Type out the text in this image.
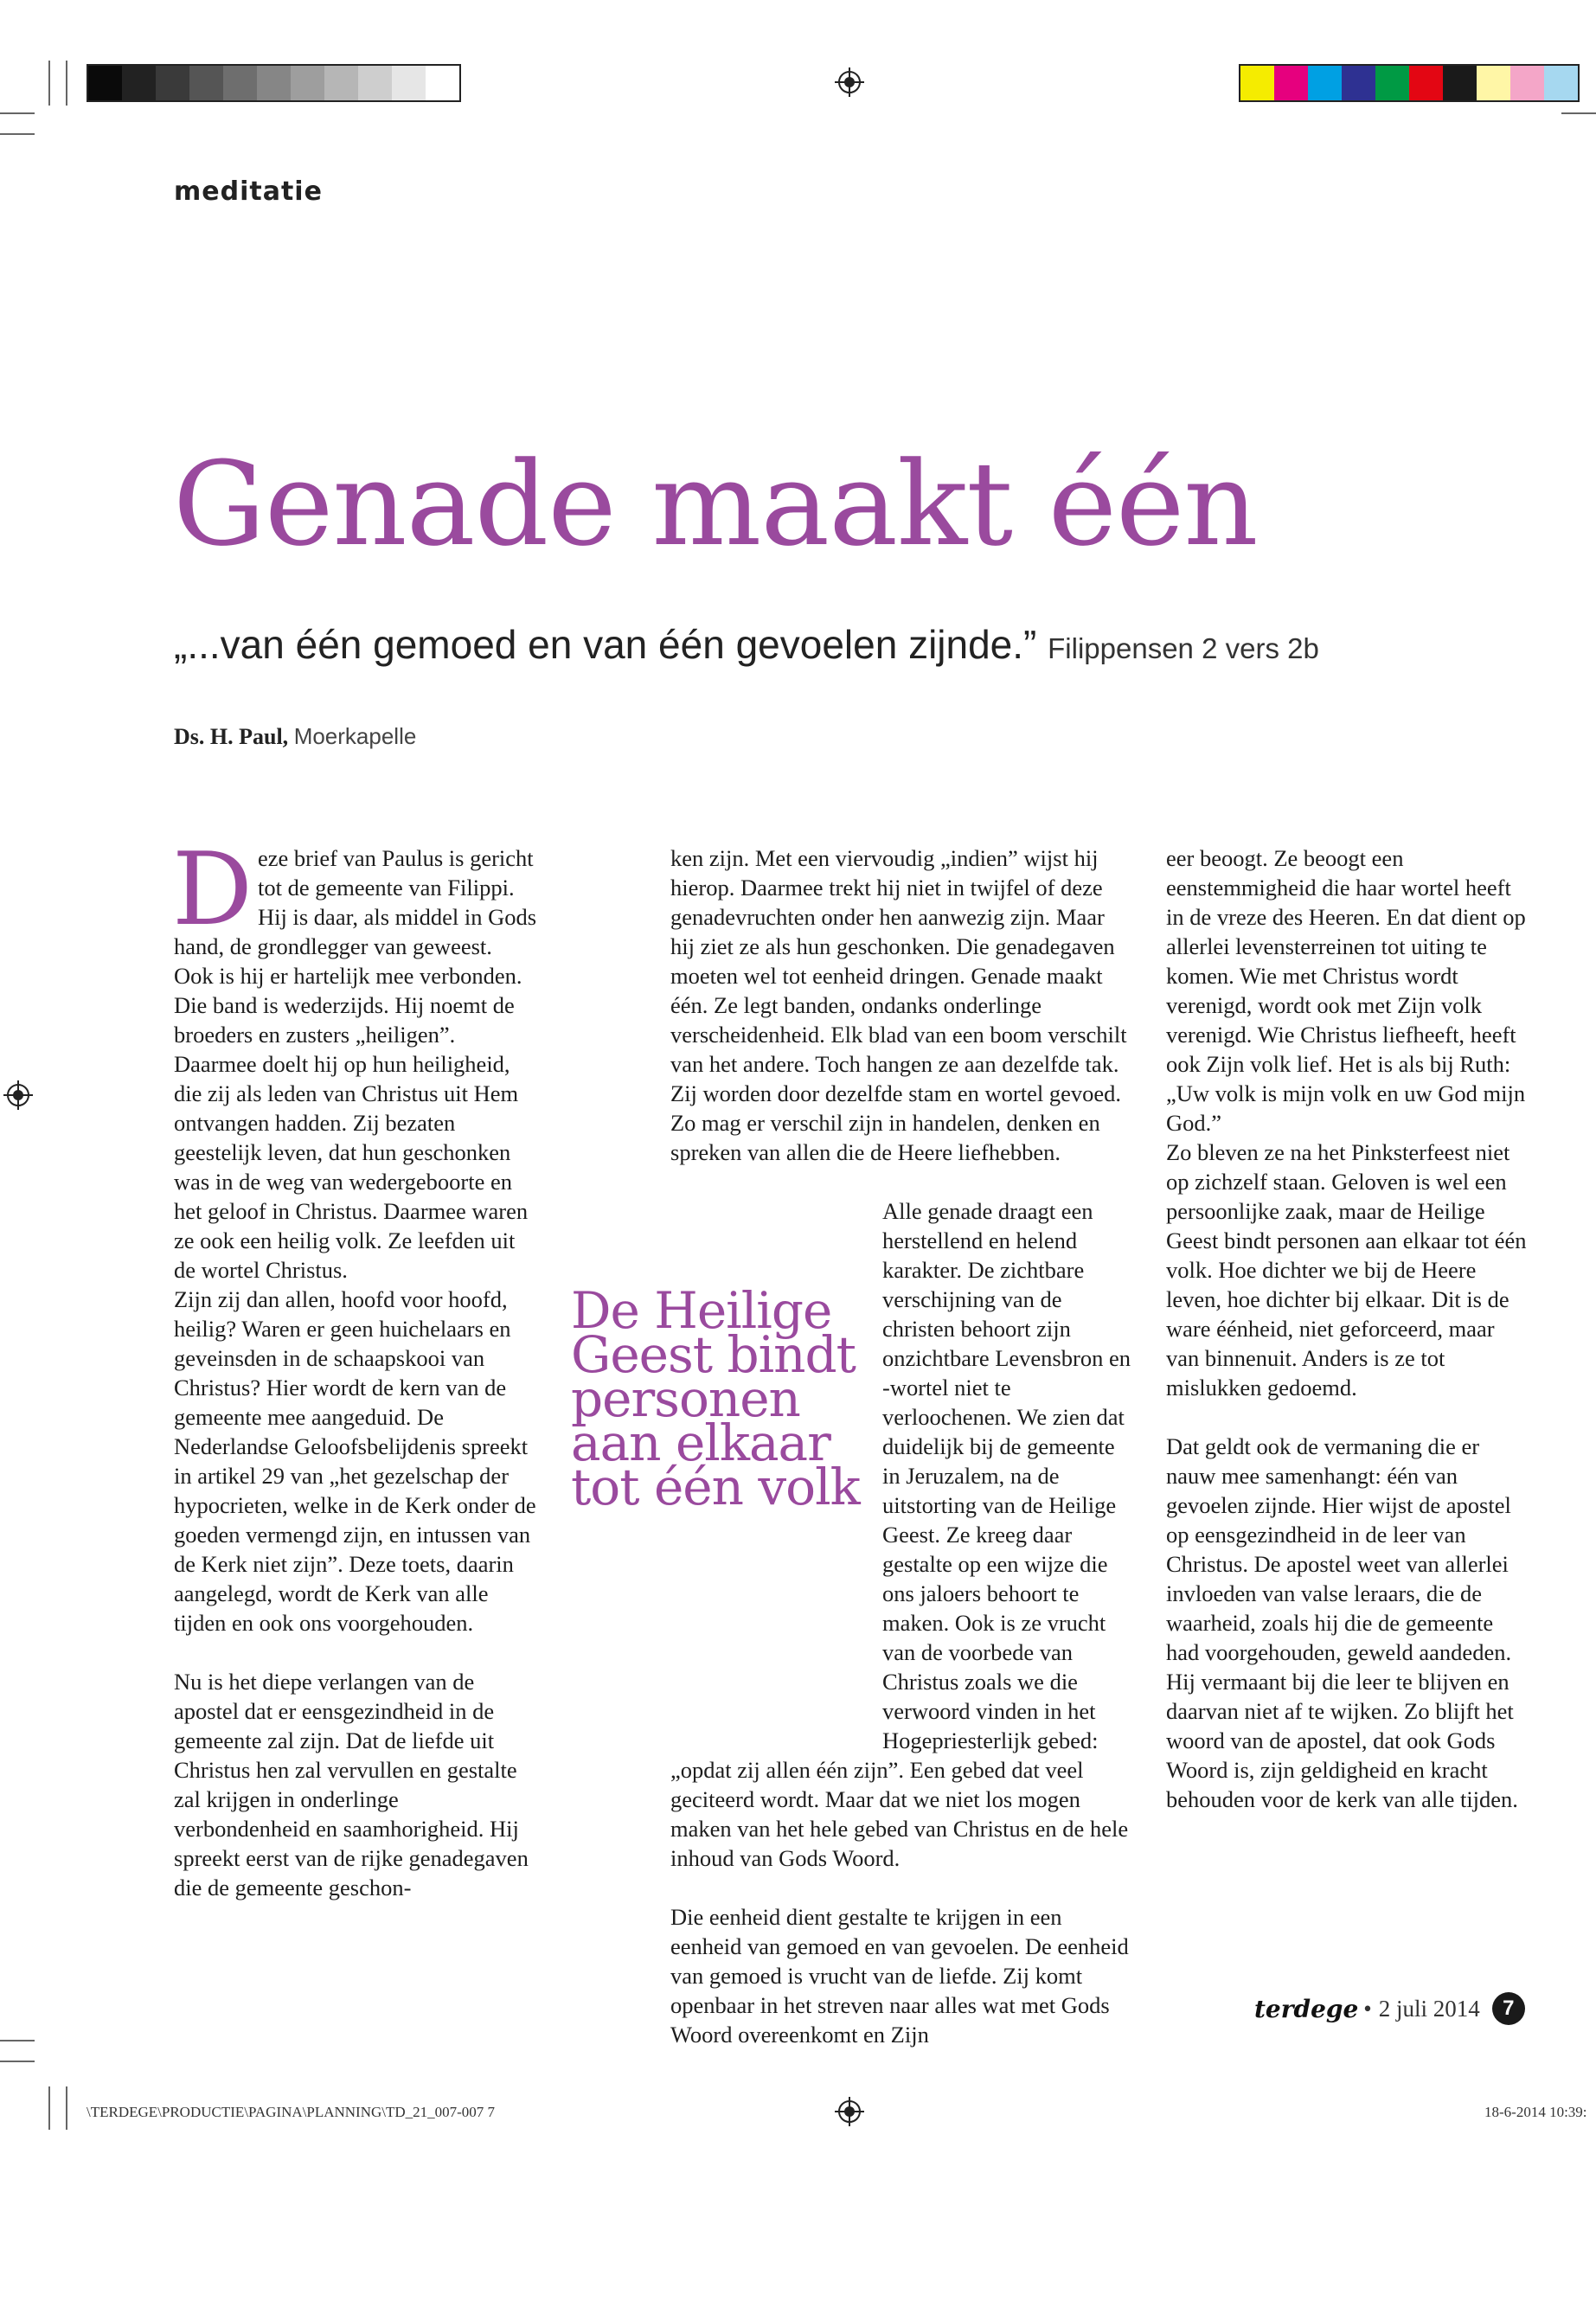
meditatie
Genade maakt één
„...van één gemoed en van één gevoelen zijnde.” Filippensen 2 vers 2b
Ds. H. Paul, Moerkapelle

Deze brief van Paulus is gericht tot de gemeente van Filippi. Hij is daar, als middel in Gods hand, de grondlegger van geweest. Ook is hij er hartelijk mee verbonden. Die band is wederzijds. Hij noemt de broeders en zusters „heiligen”. Daarmee doelt hij op hun heiligheid, die zij als leden van Christus uit Hem ontvangen hadden. Zij bezaten geestelijk leven, dat hun geschonken was in de weg van wedergeboorte en het geloof in Christus. Daarmee waren ze ook een heilig volk. Ze leefden uit de wortel Christus.

Zijn zij dan allen, hoofd voor hoofd, heilig? Waren er geen huichelaars en geveinsden in de schaapskooi van Christus? Hier wordt de kern van de gemeente mee aangeduid. De Nederlandse Geloofsbelijdenis spreekt in artikel 29 van „het gezelschap der hypocrieten, welke in de Kerk onder de goeden vermengd zijn, en intussen van de Kerk niet zijn”. Deze toets, daarin aangelegd, wordt de Kerk van alle tijden en ook ons voorgehouden.

Nu is het diepe verlangen van de apostel dat er eensgezindheid in de gemeente zal zijn. Dat de liefde uit Christus hen zal vervullen en gestalte zal krijgen in onderlinge verbondenheid en saamhorigheid. Hij spreekt eerst van de rijke genadegaven die de gemeente geschon-

ken zijn. Met een viervoudig „indien” wijst hij hierop. Daarmee trekt hij niet in twijfel of deze genadevruchten onder hen aanwezig zijn. Maar hij ziet ze als hun geschonken. Die genadegaven moeten wel tot eenheid dringen. Genade maakt één. Ze legt banden, ondanks onderlinge verscheidenheid. Elk blad van een boom verschilt van het andere. Toch hangen ze aan dezelfde tak. Zij worden door dezelfde stam en wortel gevoed. Zo mag er verschil zijn in handelen, denken en spreken van allen die de Heere liefhebben.

Alle genade draagt een herstellend en helend karakter. De zichtbare verschijning van de christen behoort zijn onzichtbare Levensbron en -wortel niet te verloochenen. We zien dat duidelijk bij de gemeente in Jeruzalem, na de uitstorting van de Heilige Geest. Ze kreeg daar gestalte op een wijze die ons jaloers behoort te maken. Ook is ze vrucht van de voorbede van Christus zoals we die verwoord vinden in het Hogepriesterlijk gebed: „opdat zij allen één zijn”. Een gebed dat veel geciteerd wordt. Maar dat we niet los mogen maken van het hele gebed van Christus en de hele inhoud van Gods Woord.

Die eenheid dient gestalte te krijgen in een eenheid van gemoed en van gevoelen. De eenheid van gemoed is vrucht van de liefde. Zij komt openbaar in het streven naar alles wat met Gods Woord overeenkomt en Zijn

De Heilige Geest bindt personen aan elkaar tot één volk

eer beoogt. Ze beoogt een eenstemmigheid die haar wortel heeft in de vreze des Heeren. En dat dient op allerlei levensterreinen tot uiting te komen. Wie met Christus wordt verenigd, wordt ook met Zijn volk verenigd. Wie Christus liefheeft, heeft ook Zijn volk lief. Het is als bij Ruth: „Uw volk is mijn volk en uw God mijn God.”

Zo bleven ze na het Pinksterfeest niet op zichzelf staan. Geloven is wel een persoonlijke zaak, maar de Heilige Geest bindt personen aan elkaar tot één volk. Hoe dichter we bij de Heere leven, hoe dichter bij elkaar. Dit is de ware éénheid, niet geforceerd, maar van binnenuit. Anders is ze tot mislukken gedoemd.

Dat geldt ook de vermaning die er nauw mee samenhangt: één van gevoelen zijnde. Hier wijst de apostel op eensgezindheid in de leer van Christus. De apostel weet van allerlei invloeden van valse leraars, die de waarheid, zoals hij die de gemeente had voorgehouden, geweld aandeden. Hij vermaant bij die leer te blijven en daarvan niet af te wijken. Zo blijft het woord van de apostel, dat ook Gods Woord is, zijn geldigheid en kracht behouden voor de kerk van alle tijden.

terdege • 2 juli 2014	7
\TERDEGE\PRODUCTIE\PAGINA\PLANNING\TD_21_007-007 7	18-6-2014 10:39:
